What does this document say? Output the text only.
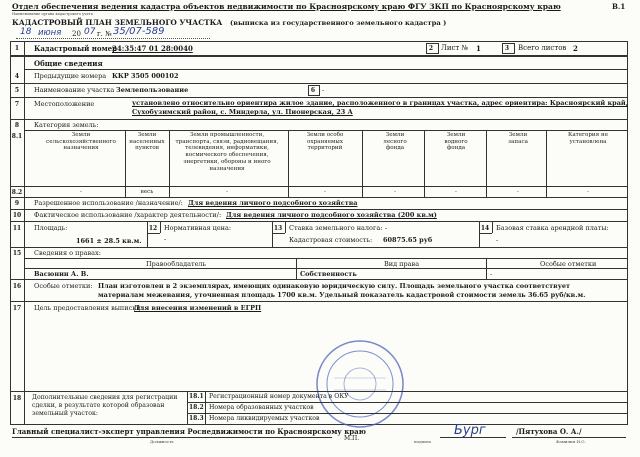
Отдел обеспечения ведения кадастра объектов недвижимости по Красноярскому краю ФГУ ЗКП по Красноярскому краю	В.1
Наименование органа кадастрового учета
КАДАСТРОВЫЙ ПЛАН ЗЕМЕЛЬНОГО УЧАСТКА (выписка из государственного земельного кадастра )
18 июня 20 07 г. № 35/07-589
1	Кадастровый номер
24:35:47 01 28:0040	2	Лист № 1	3	Всего листов 2
Общие сведения
4	Предыдущие номера ККР 3505 000102
5	Наименование участка Землепользование	6	-
7	Местоположение	установлено относительно ориентира жилое здание, расположенного в границах участка, адрес ориентира: Красноярский край,
Сухобузимский район, с. Миндерла, ул. Пионерская, 23 А
8	Категория земель:
8.1	Земли сельскохозяйственного назначения
Земли населенных пунктов
Земли промышленности, транспорта, связи, радиовещания, телевидения, информатики, космического обеспечения, энергетики, обороны и иного назначения
Земли особо охраняемых территорий
Земли лесного фонда
Земли водного фонда
Земли запаса
Категория не установлена
8.2	-	весь	-	-	-	-	-	-
9	Разрешенное использование /назначение/: Для ведения личного подсобного хозяйства
10	Фактическое использование /характер деятельности/: Для ведения личного подсобного хозяйства (200 кв.м)
11	Площадь:
1661 ± 28.5 кв.м.
12	Нормативная цена:
-
13	Ставка земельного налога: -
Кадастровая стоимость: 60875.65 руб
14	Базовая ставка арендной платы:
-
15	Сведения о правах:
Правообладатель	Вид права	Особые отметки
Васюнин А. В.	Собственность	-
16	Особые отметки: План изготовлен в 2 экземплярах, имеющих одинаковую юридическую силу. Площадь земельного участка соответствует
материалам межевания, уточненная площадь 1700 кв.м. Удельный показатель кадастровой стоимости земель 36.65 руб/кв.м.
17	Цель предоставления выписки:
Для внесения изменений в ЕГРП
18	Дополнительные сведения для регистрации сделки, в результате которой образован земельный участок:
18.1 Регистрационный номер документа в ОКУ
18.2 Номера образованных участков
18.3 Номера ликвидируемых участков
Главный специалист-эксперт управления Роснедвижимости по Красноярскому краю
Должность	М.П.
Бург
подпись
/Пятухова О. А./
Фамилия И.О.
